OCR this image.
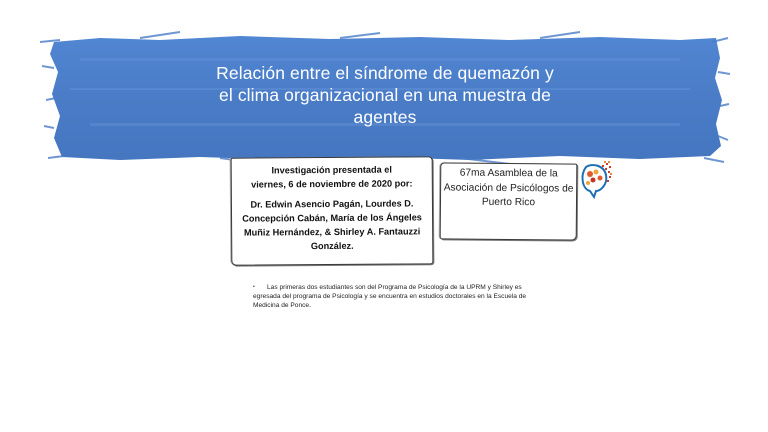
Relación entre el síndrome de quemazón y el clima organizacional en una muestra de agentes
Investigación presentada el
viernes, 6 de noviembre de 2020 por:
Dr. Edwin Asencio Pagán, Lourdes D. Concepción Cabán, María de los Ángeles Muñiz Hernández, & Shirley A. Fantauzzi González.
67ma Asamblea de la Asociación de Psicólogos de Puerto Rico
•	Las primeras dos estudiantes son del Programa de Psicología de la UPRM y Shirley es egresada del programa de Psicología y se encuentra en estudios doctorales en la Escuela de Medicina de Ponce.
